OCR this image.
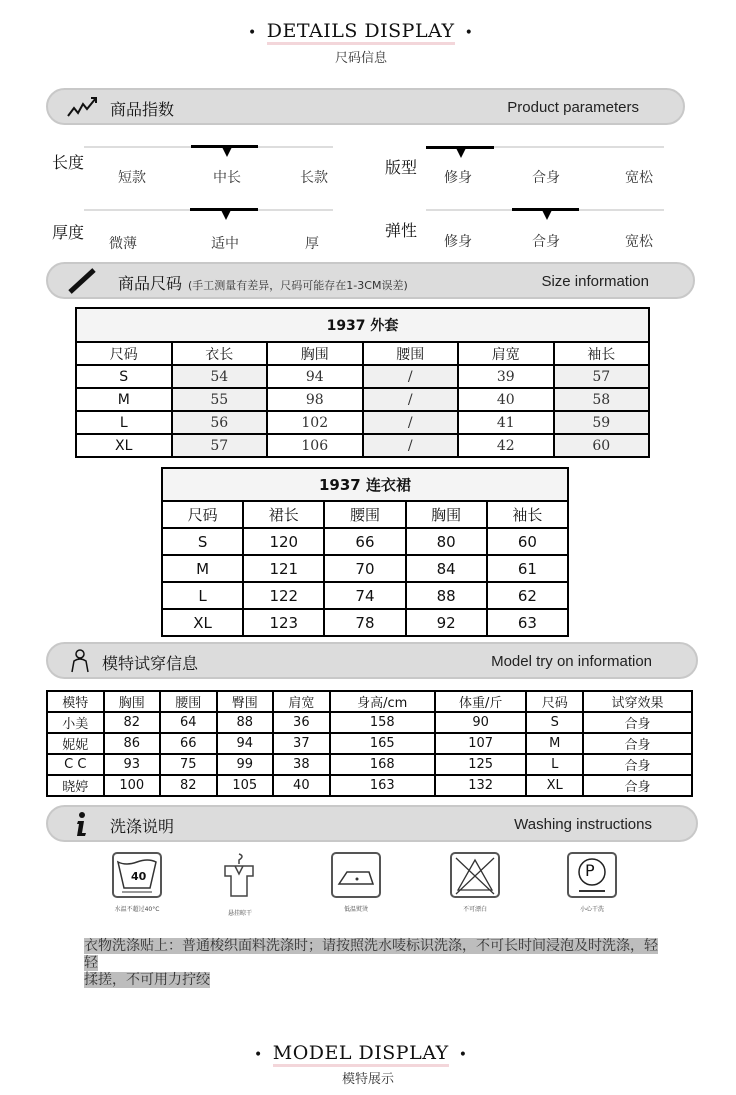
• DETAILS DISPLAY •
尺码信息
商品指数	Product parameters
长度
短款	中长	长款
版型
修身	合身	宽松
厚度
微薄	适中	厚
弹性
修身	合身	宽松
商品尺码 (手工测量有差异，尺码可能存在1-3CM误差)	Size information
1937 外套					
尺码	衣长	胸围	腰围	肩宽	袖长
S	54	94	/	39	57
M	55	98	/	40	58
L	56	102	/	41	59
XL	57	106	/	42	60
1937 连衣裙				
尺码	裙长	腰围	胸围	袖长
S	120	66	80	60
M	121	70	84	61
L	122	74	88	62
XL	123	78	92	63
模特试穿信息	Model try on information
模特	胸围	腰围	臀围	肩宽	身高/cm	体重/斤	尺码	试穿效果
小美	82	64	88	36	158	90	S	合身
妮妮	86	66	94	37	165	107	M	合身
C C	93	75	99	38	168	125	L	合身
晓婷	100	82	105	40	163	132	XL	合身
洗涤说明	Washing instructions
40
水温不超过40°C
悬挂晾干
低温熨烫	不可漂白
P
小心干洗
衣物洗涤贴上：普通梭织面料洗涤时；请按照洗水唛标识洗涤，不可长时间浸泡及时洗涤，轻轻
揉搓，不可用力拧绞
• MODEL DISPLAY •
模特展示
